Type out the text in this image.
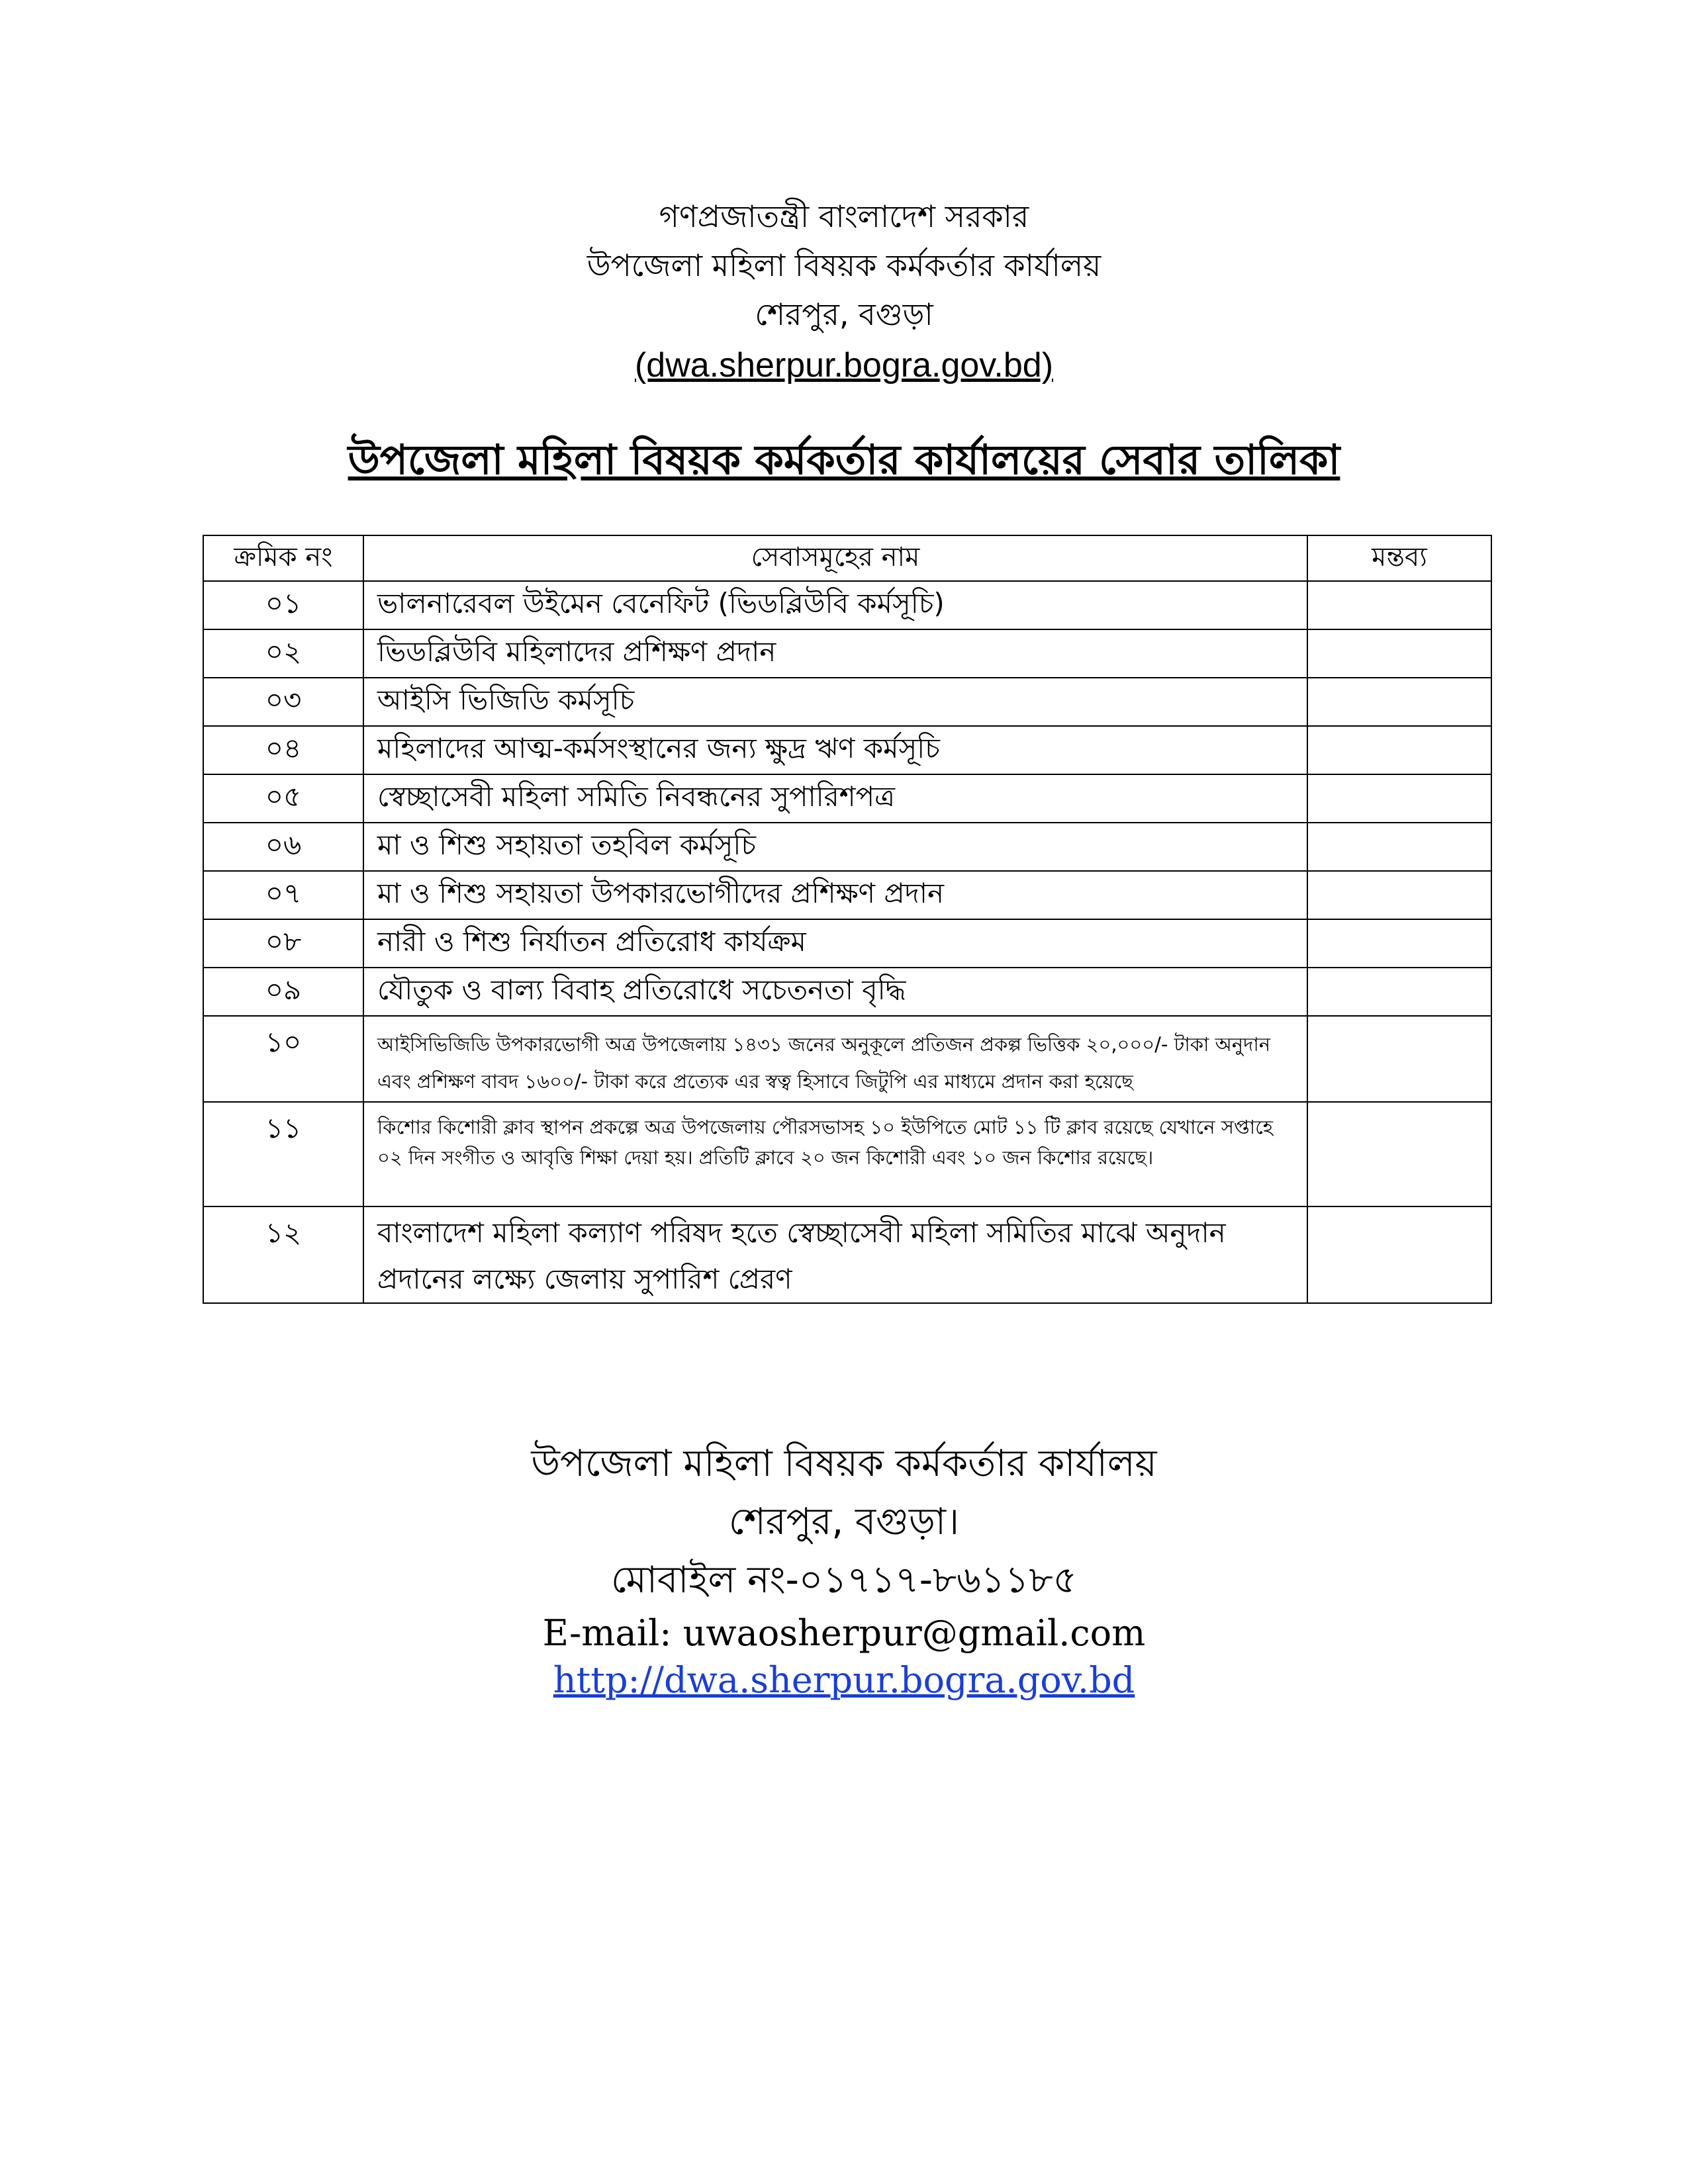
গণপ্রজাতন্ত্রী বাংলাদেশ সরকার
উপজেলা মহিলা বিষয়ক কর্মকর্তার কার্যালয়
শেরপুর, বগুড়া
(dwa.sherpur.bogra.gov.bd)
উপজেলা মহিলা বিষয়ক কর্মকর্তার কার্যালয়ের সেবার তালিকা
ক্রমিক নং	সেবাসমূহের নাম	মন্তব্য
০১	ভালনারেবল উইমেন বেনেফিট (ভিডব্লিউবি কর্মসূচি)	
০২	ভিডব্লিউবি মহিলাদের প্রশিক্ষণ প্রদান	
০৩	আইসি ভিজিডি কর্মসূচি	
০৪	মহিলাদের আত্ম-কর্মসংস্থানের জন্য ক্ষুদ্র ঋণ কর্মসূচি	
০৫	স্বেচ্ছাসেবী মহিলা সমিতি নিবন্ধনের সুপারিশপত্র	
০৬	মা ও শিশু সহায়তা তহবিল কর্মসূচি	
০৭	মা ও শিশু সহায়তা উপকারভোগীদের প্রশিক্ষণ প্রদান	
০৮	নারী ও শিশু নির্যাতন প্রতিরোধ কার্যক্রম	
০৯	যৌতুক ও বাল্য বিবাহ প্রতিরোধে সচেতনতা বৃদ্ধি	
১০	আইসিভিজিডি উপকারভোগী অত্র উপজেলায় ১৪৩১ জনের অনুকূলে প্রতিজন প্রকল্প ভিত্তিক ২০,০০০/- টাকা অনুদান এবং প্রশিক্ষণ বাবদ ১৬০০/- টাকা করে প্রত্যেক এর স্বত্ব হিসাবে জিটুপি এর মাধ্যমে প্রদান করা হয়েছে	
১১	কিশোর কিশোরী ক্লাব স্থাপন প্রকল্পে অত্র উপজেলায় পৌরসভাসহ ১০ ইউপিতে মোট ১১ টি ক্লাব রয়েছে যেখানে সপ্তাহে ০২ দিন সংগীত ও আবৃত্তি শিক্ষা দেয়া হয়। প্রতিটি ক্লাবে ২০ জন কিশোরী এবং ১০ জন কিশোর রয়েছে।	
১২	বাংলাদেশ মহিলা কল্যাণ পরিষদ হতে স্বেচ্ছাসেবী মহিলা সমিতির মাঝে অনুদান প্রদানের লক্ষ্যে জেলায় সুপারিশ প্রেরণ	
উপজেলা মহিলা বিষয়ক কর্মকর্তার কার্যালয়
শেরপুর, বগুড়া।
মোবাইল নং-০১৭১৭-৮৬১১৮৫
E-mail: uwaosherpur@gmail.com
http://dwa.sherpur.bogra.gov.bd
